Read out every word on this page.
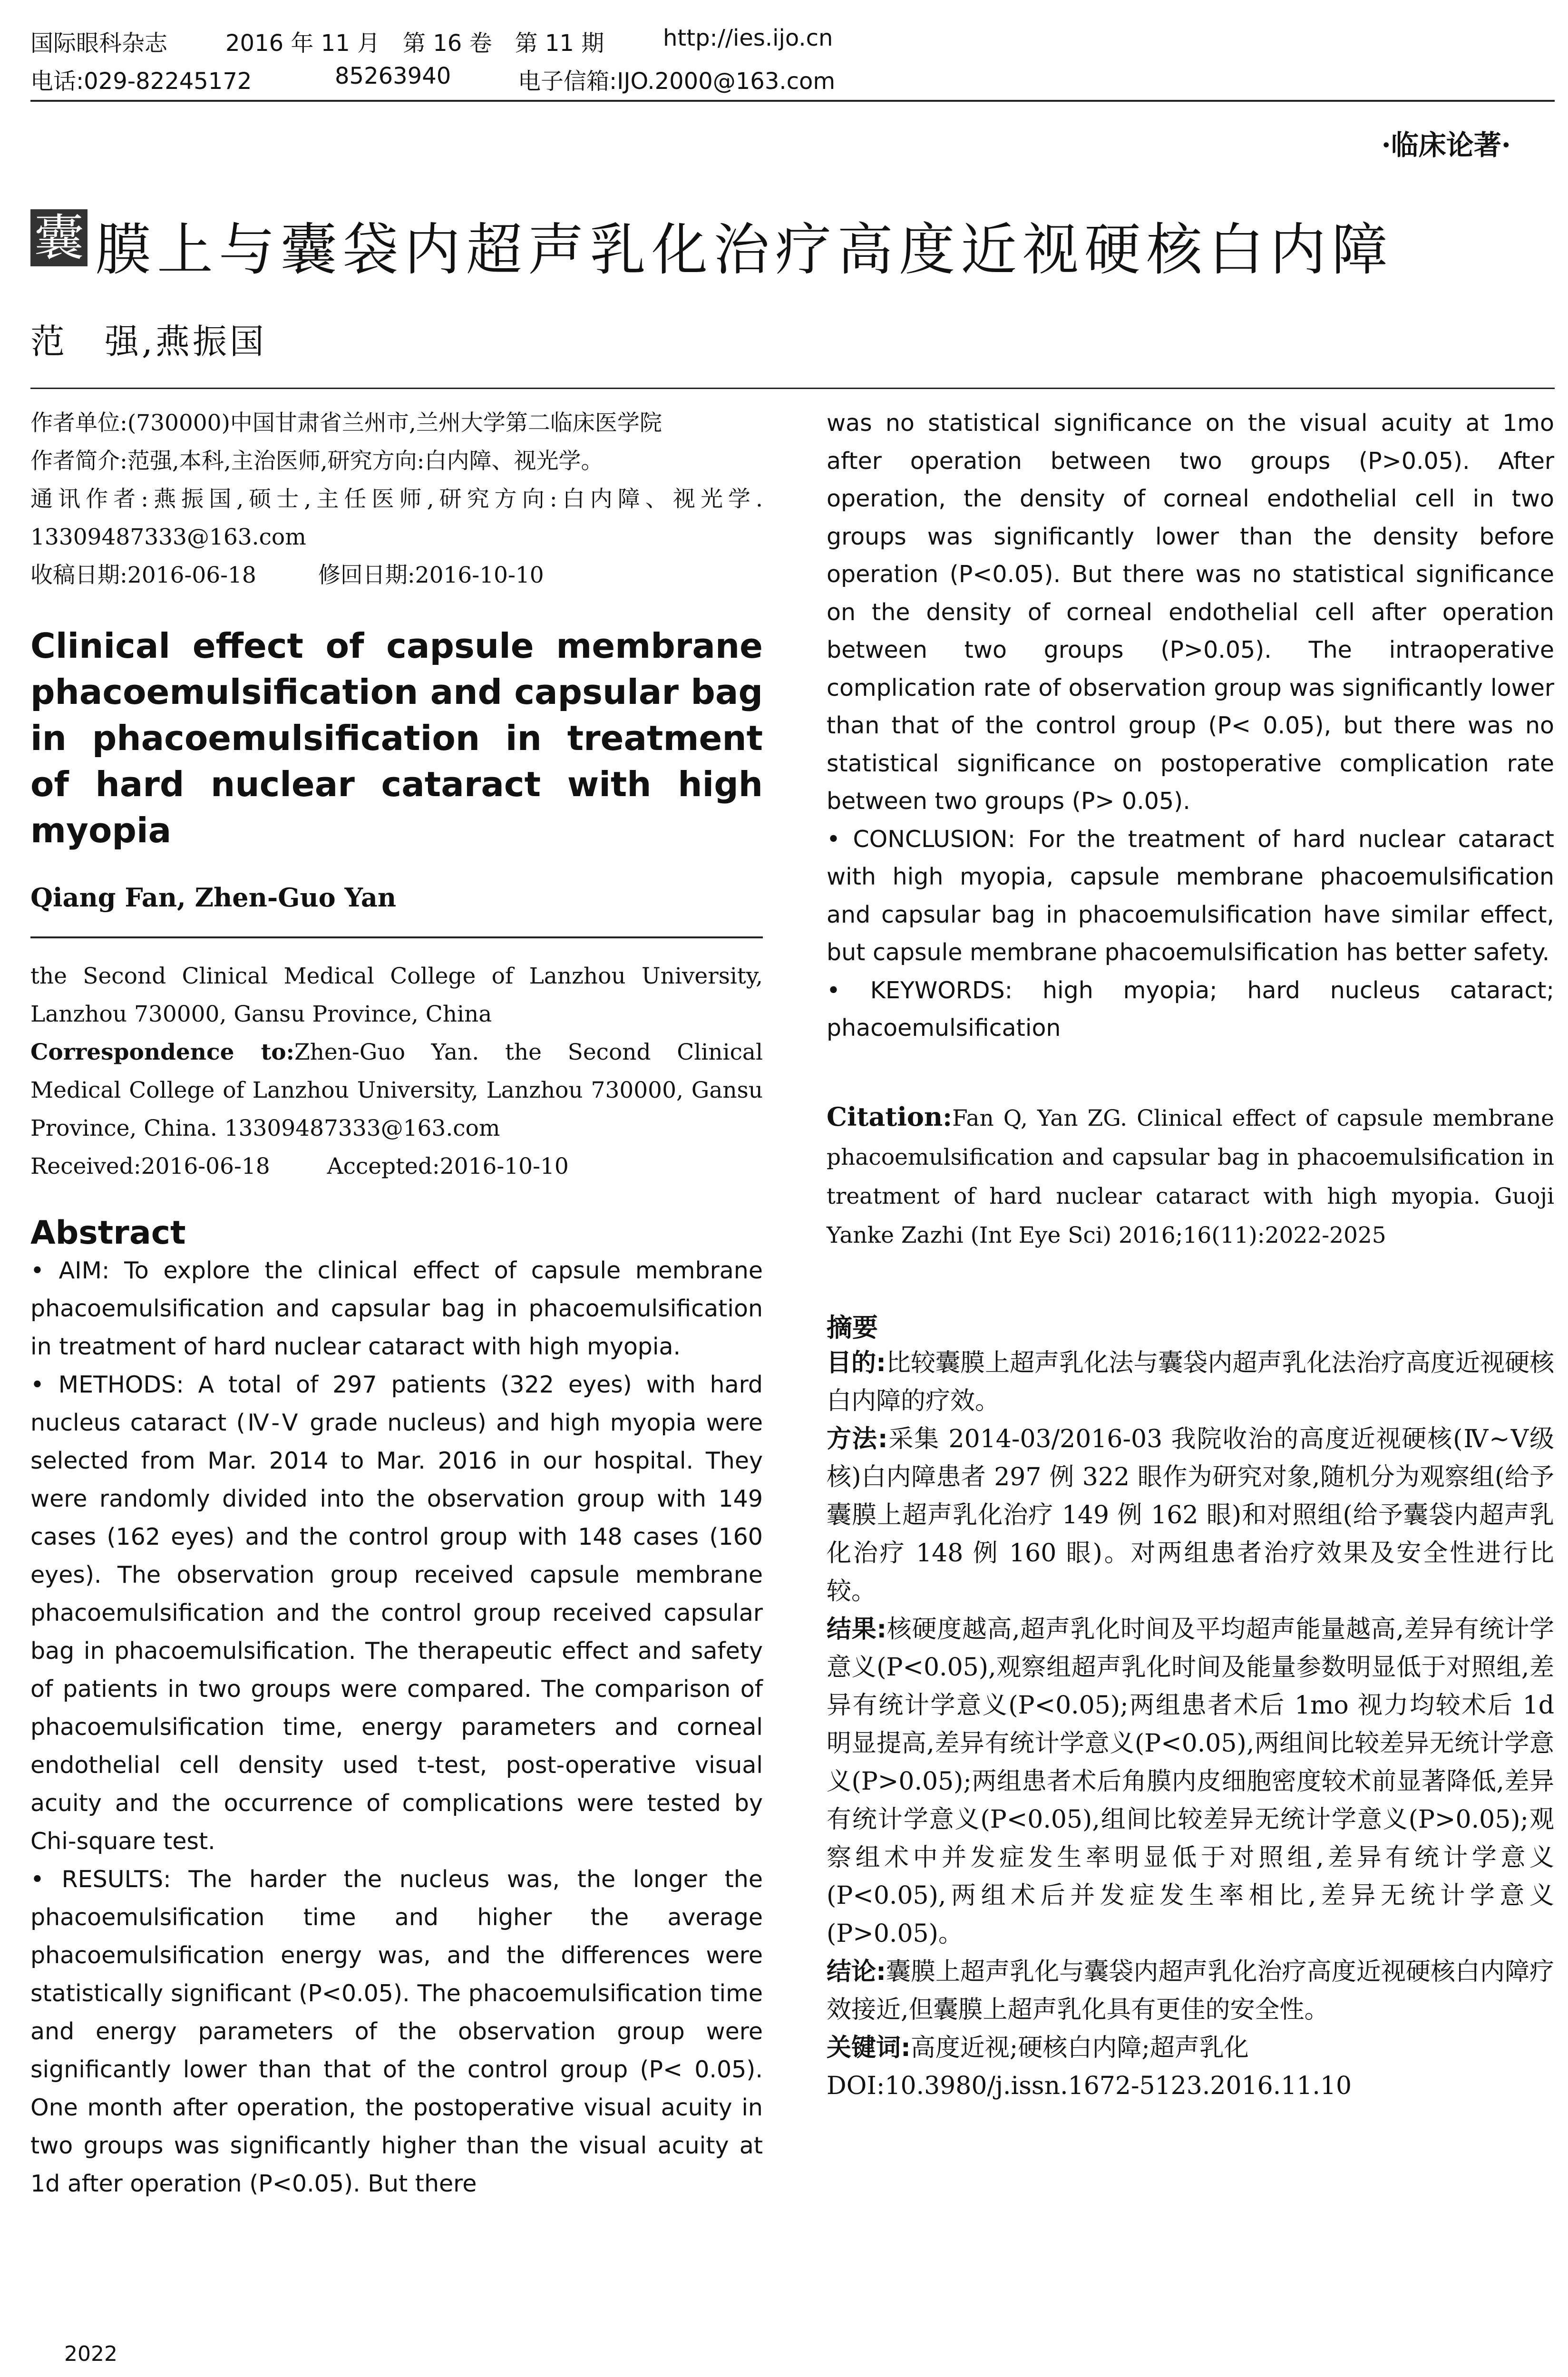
国际眼科杂志	2016 年 11 月　第 16 卷　第 11 期	http://ies.ijo.cn
电话:029-82245172	85263940	电子信箱:IJO.2000@163.com
·临床论著·
囊 膜上与囊袋内超声乳化治疗高度近视硬核白内障
范　强,燕振国
作者单位:(730000)中国甘肃省兰州市,兰州大学第二临床医学院
作者简介:范强,本科,主治医师,研究方向:白内障、视光学。
通讯作者:燕振国,硕士,主任医师,研究方向:白内障、视光学. 13309487333@163.com
收稿日期:2016-06-18	修回日期:2016-10-10
Clinical effect of capsule membrane phacoemulsification and capsular bag in phacoemulsification in treatment of hard nuclear cataract with high myopia
Qiang Fan, Zhen-Guo Yan
the Second Clinical Medical College of Lanzhou University, Lanzhou 730000, Gansu Province, China
Correspondence to:Zhen-Guo Yan. the Second Clinical Medical College of Lanzhou University, Lanzhou 730000, Gansu Province, China. 13309487333@163.com
Received:2016-06-18	Accepted:2016-10-10
Abstract

• AIM: To explore the clinical effect of capsule membrane phacoemulsification and capsular bag in phacoemulsification in treatment of hard nuclear cataract with high myopia.

• METHODS: A total of 297 patients (322 eyes) with hard nucleus cataract (Ⅳ-Ⅴ grade nucleus) and high myopia were selected from Mar. 2014 to Mar. 2016 in our hospital. They were randomly divided into the observation group with 149 cases (162 eyes) and the control group with 148 cases (160 eyes). The observation group received capsule membrane phacoemulsification and the control group received capsular bag in phacoemulsification. The therapeutic effect and safety of patients in two groups were compared. The comparison of phacoemulsification time, energy parameters and corneal endothelial cell density used t-test, post-operative visual acuity and the occurrence of complications were tested by Chi-square test.

• RESULTS: The harder the nucleus was, the longer the phacoemulsification time and higher the average phacoemulsification energy was, and the differences were statistically significant (P<0.05). The phacoemulsification time and energy parameters of the observation group were significantly lower than that of the control group (P< 0.05). One month after operation, the postoperative visual acuity in two groups was significantly higher than the visual acuity at 1d after operation (P<0.05). But there

was no statistical significance on the visual acuity at 1mo after operation between two groups (P>0.05). After operation, the density of corneal endothelial cell in two groups was significantly lower than the density before operation (P<0.05). But there was no statistical significance on the density of corneal endothelial cell after operation between two groups (P>0.05). The intraoperative complication rate of observation group was significantly lower than that of the control group (P< 0.05), but there was no statistical significance on postoperative complication rate between two groups (P> 0.05).

• CONCLUSION: For the treatment of hard nuclear cataract with high myopia, capsule membrane phacoemulsification and capsular bag in phacoemulsification have similar effect, but capsule membrane phacoemulsification has better safety.

• KEYWORDS: high myopia; hard nucleus cataract; phacoemulsification

Citation:Fan Q, Yan ZG. Clinical effect of capsule membrane phacoemulsification and capsular bag in phacoemulsification in treatment of hard nuclear cataract with high myopia. Guoji Yanke Zazhi (Int Eye Sci) 2016;16(11):2022-2025
摘要

目的:比较囊膜上超声乳化法与囊袋内超声乳化法治疗高度近视硬核白内障的疗效。

方法:采集 2014-03/2016-03 我院收治的高度近视硬核(Ⅳ~Ⅴ级核)白内障患者 297 例 322 眼作为研究对象,随机分为观察组(给予囊膜上超声乳化治疗 149 例 162 眼)和对照组(给予囊袋内超声乳化治疗 148 例 160 眼)。对两组患者治疗效果及安全性进行比较。

结果:核硬度越高,超声乳化时间及平均超声能量越高,差异有统计学意义(P<0.05),观察组超声乳化时间及能量参数明显低于对照组,差异有统计学意义(P<0.05);两组患者术后 1mo 视力均较术后 1d 明显提高,差异有统计学意义(P<0.05),两组间比较差异无统计学意义(P>0.05);两组患者术后角膜内皮细胞密度较术前显著降低,差异有统计学意义(P<0.05),组间比较差异无统计学意义(P>0.05);观察组术中并发症发生率明显低于对照组,差异有统计学意义(P<0.05),两组术后并发症发生率相比,差异无统计学意义(P>0.05)。

结论:囊膜上超声乳化与囊袋内超声乳化治疗高度近视硬核白内障疗效接近,但囊膜上超声乳化具有更佳的安全性。

关键词:高度近视;硬核白内障;超声乳化

DOI:10.3980/j.issn.1672-5123.2016.11.10

2022
